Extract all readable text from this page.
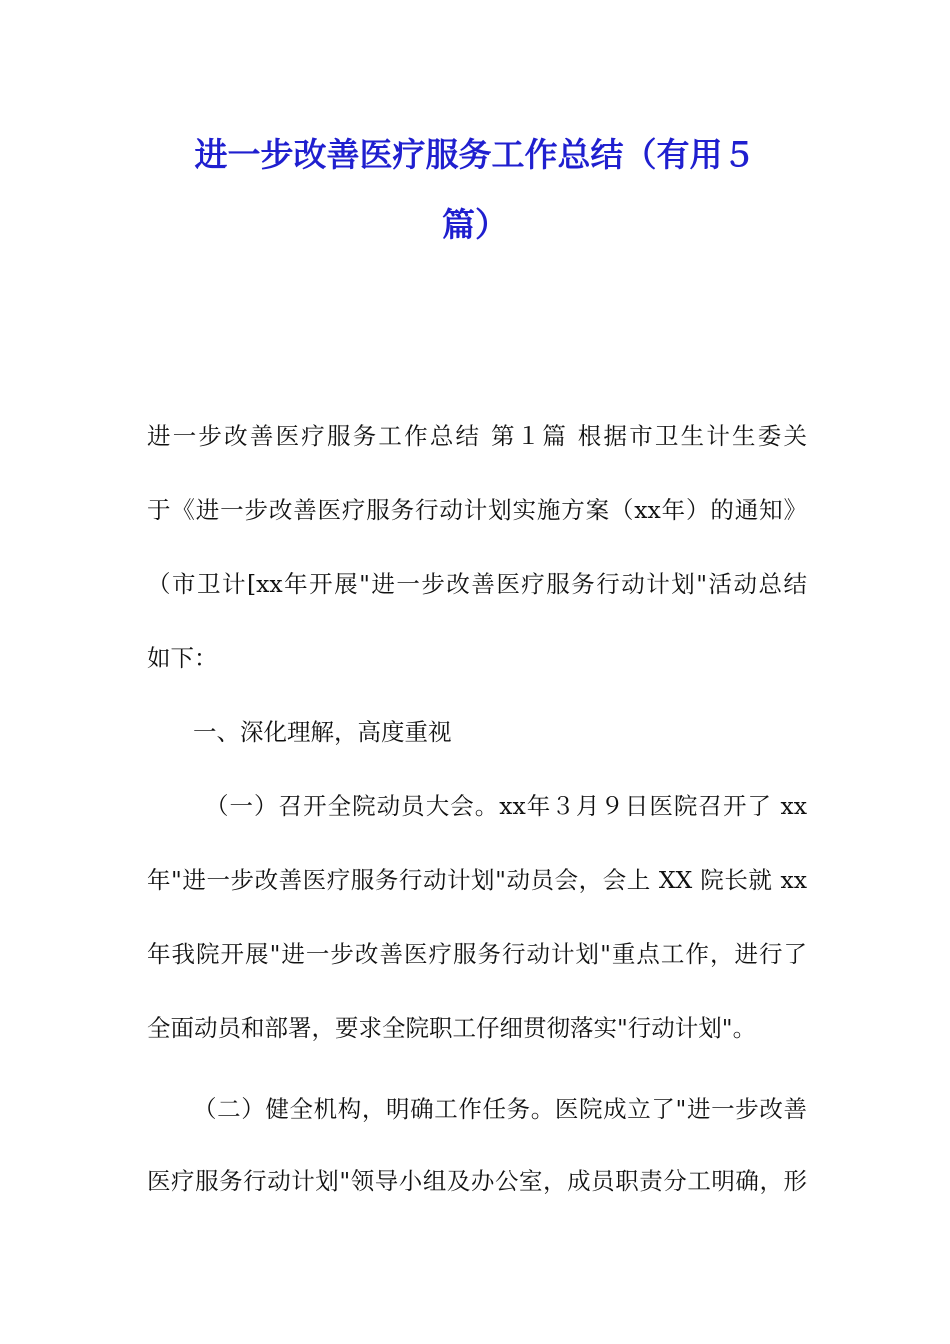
进一步改善医疗服务工作总结（有用５
篇）
进一步改善医疗服务工作总结 第１篇 根据市卫生计生委关
于《进一步改善医疗服务行动计划实施方案（xx年）的通知》
（市卫计[xx年开展"进一步改善医疗服务行动计划"活动总结
如下：
一、深化理解，高度重视
（一）召开全院动员大会。xx年３月９日医院召开了 xx
年"进一步改善医疗服务行动计划"动员会，会上 XX 院长就 xx
年我院开展"进一步改善医疗服务行动计划"重点工作，进行了
全面动员和部署，要求全院职工仔细贯彻落实"行动计划"。
（二）健全机构，明确工作任务。医院成立了"进一步改善
医疗服务行动计划"领导小组及办公室，成员职责分工明确，形
